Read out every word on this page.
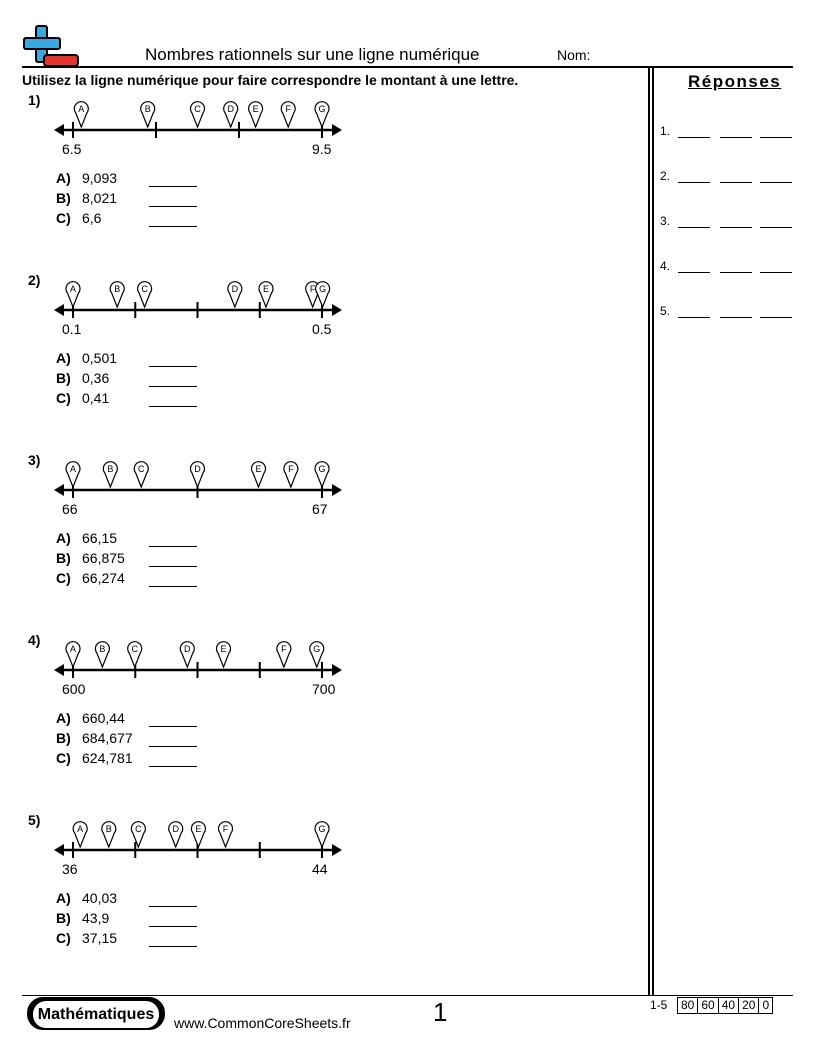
Nombres rationnels sur une ligne numérique	Nom:
Utilisez la ligne numérique pour faire correspondre le montant à une lettre.	Réponses
1.
2.
3.
4.
5.
1)
A	B	C	D E	F	G
6.5	9.5
A) 9,093
B) 8,021
C) 6,6
2)
A	B C	D	E	F G
0.1	0.5
A) 0,501
B) 0,36
C) 0,41
3)
A	B	C	D	E	F	G
66	67
A) 66,15
B) 66,875
C) 66,274
4)
A	B	C	D	E	F	G
600	700
A) 660,44
B) 684,677
C) 624,781
5)
A	B	C	D E F	G
36	44
A) 40,03
B) 43,9
C) 37,15
Mathématiques	www.CommonCoreSheets.fr	1	1-5 80 60 40 20 0
